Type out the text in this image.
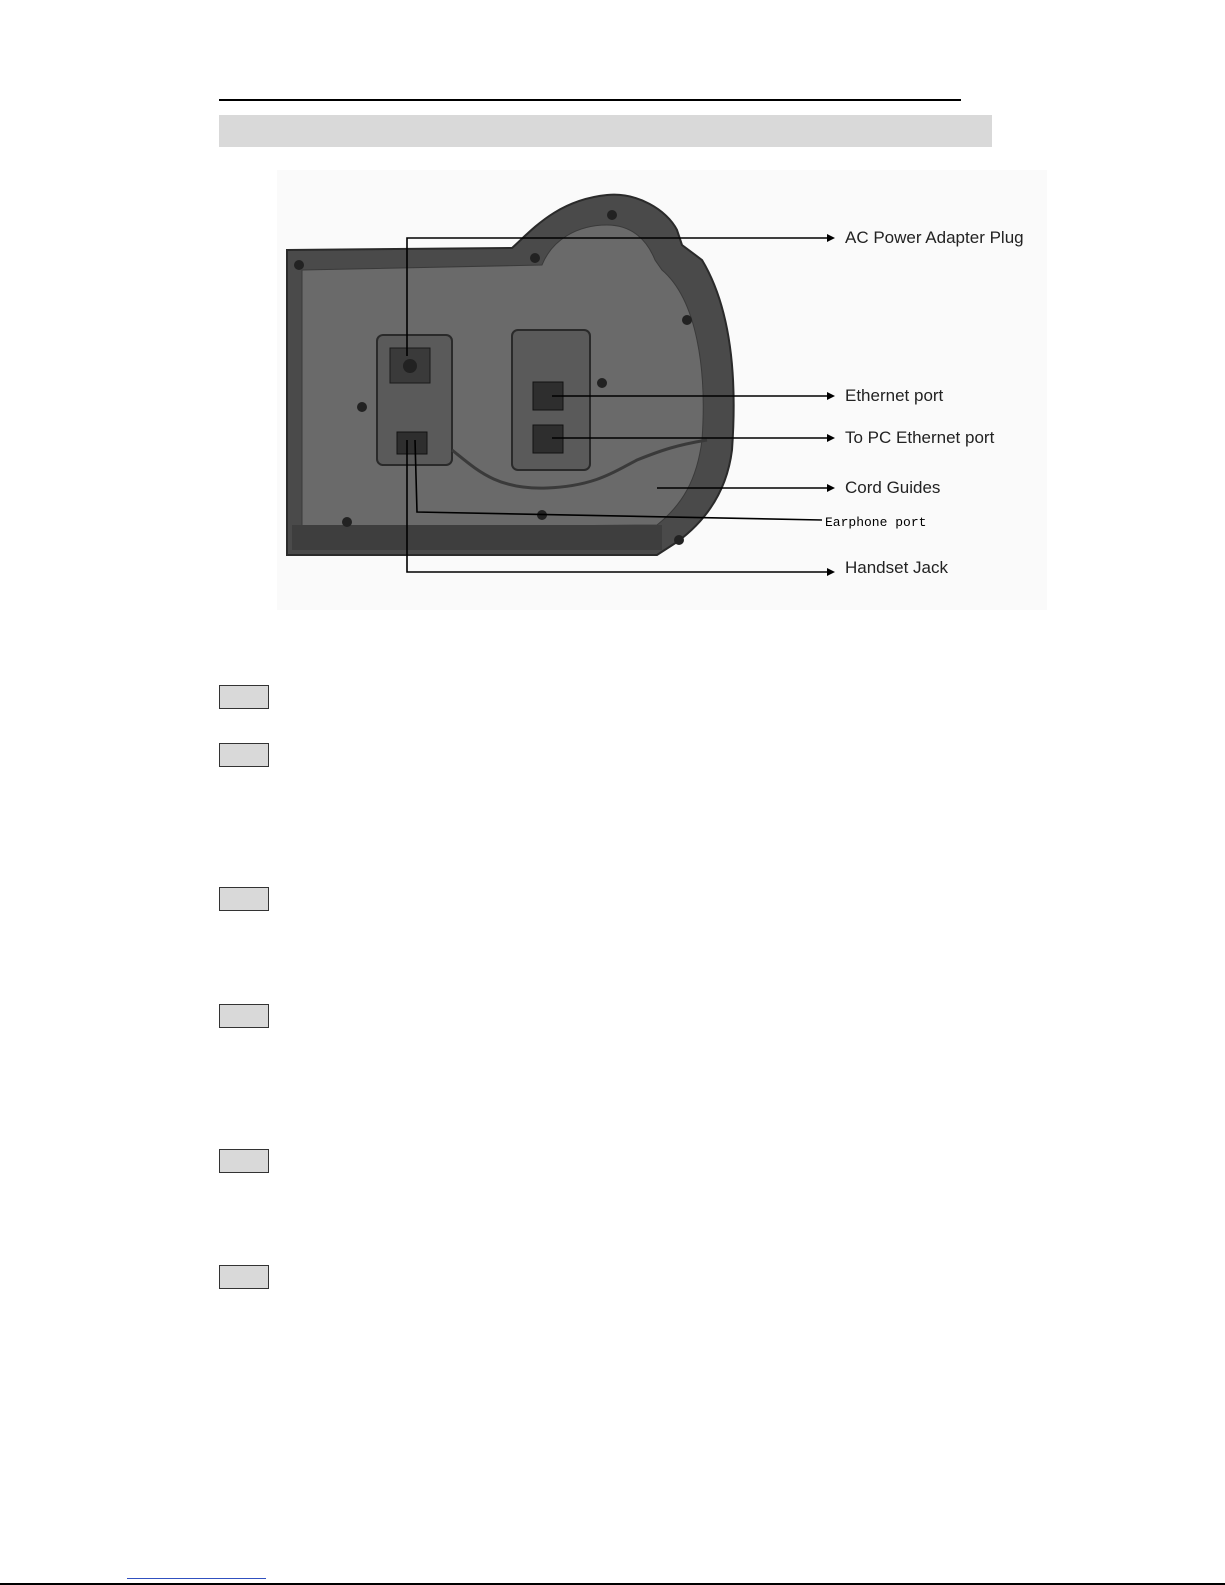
AC Power Adapter Plug
Ethernet port
To PC Ethernet port
Cord Guides
Earphone port
Handset Jack
